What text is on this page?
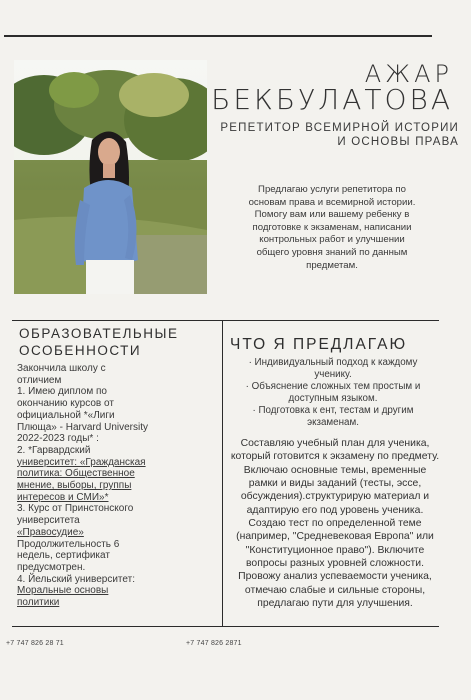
АЖАР
БЕКБУЛАТОВА
РЕПЕТИТОР ВСЕМИРНОЙ ИСТОРИИ
И ОСНОВЫ ПРАВА
Предлагаю услуги репетитора по
основам права и всемирной истории.
Помогу вам или вашему ребенку в
подготовке к экзаменам, написании
контрольных работ и улучшении
общего уровня знаний по данным
предметам.
ОБРАЗОВАТЕЛЬНЫЕ
ОСОБЕННОСТИ
Закончила школу с
отличием
1. Имею диплом по
окончанию курсов от
официальной *«Лиги
Плюща» - Harvard University
2022-2023 годы* :
2. *Гарвардский
университет: «Гражданская
политика: Общественное
мнение, выборы, группы
интересов и СМИ»*
3. Курс от Принстонского
университета
«Правосудие»
Продолжительность 6
недель, сертификат
предусмотрен.
4. Йельский университет:
Моральные основы
политики
ЧТО Я ПРЕДЛАГАЮ
· Индивидуальный подход к каждому
ученику.
· Объяснение сложных тем простым и
доступным языком.
· Подготовка к ент, тестам и другим
экзаменам.
Составляю учебный план для ученика,
который готовится к экзамену по предмету.
Включаю основные темы, временные
рамки и виды заданий (тесты, эссе,
обсуждения).структурирую материал и
адаптирую его под уровень ученика.
Создаю тест по определенной теме
(например, "Средневековая Европа" или
"Конституционное право"). Включите
вопросы разных уровней сложности.
Провожу анализ успеваемости ученика,
отмечаю слабые и сильные стороны,
предлагаю пути для улучшения.
+7 747 826 28 71	+7 747 826 2871
